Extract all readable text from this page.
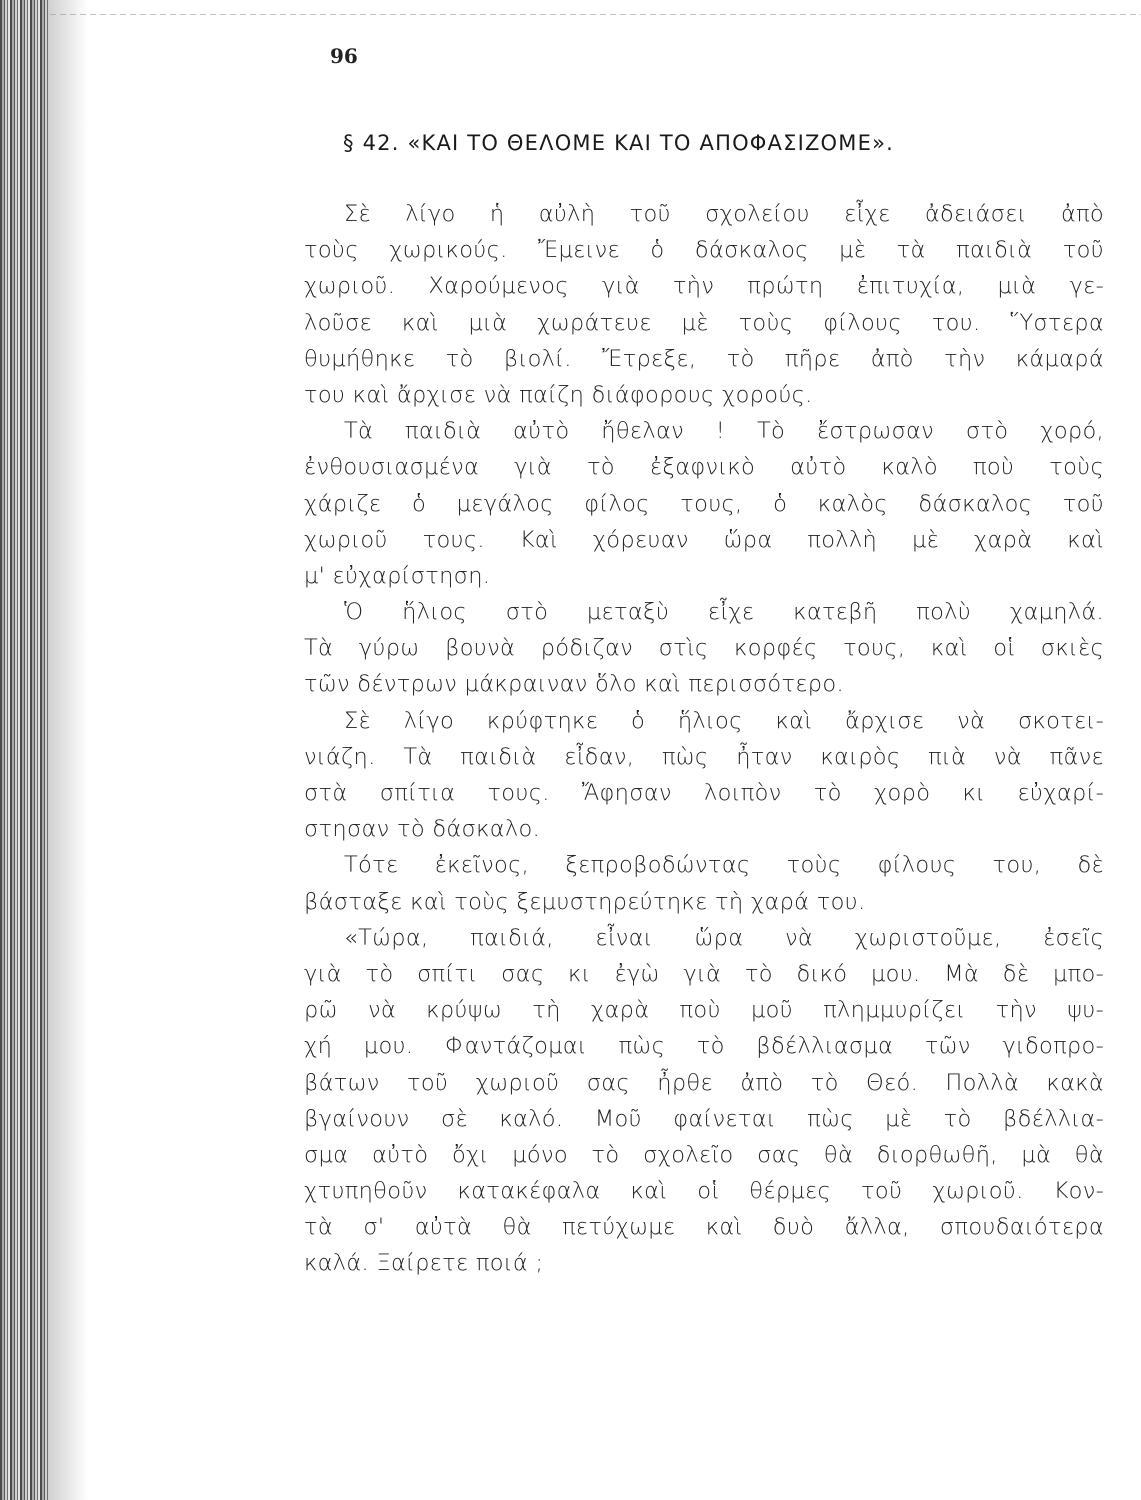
96
§ 42. «ΚΑΙ ΤΟ ΘΕΛΟΜΕ ΚΑΙ ΤΟ ΑΠΟΦΑΣΙΖΟΜΕ».
Σὲ λίγο ἡ αὐλὴ τοῦ σχολείου εἶχε ἀδειάσει ἀπὸ
τοὺς χωρικούς. Ἔμεινε ὁ δάσκαλος μὲ τὰ παιδιὰ τοῦ
χωριοῦ. Χαρούμενος γιὰ τὴν πρώτη ἐπιτυχία, μιὰ γε-
λοῦσε καὶ μιὰ χωράτευε μὲ τοὺς φίλους του. Ὕστερα
θυμήθηκε τὸ βιολί. Ἔτρεξε, τὸ πῆρε ἀπὸ τὴν κάμαρά
του καὶ ἄρχισε νὰ παίζη διάφορους χορούς.
Τὰ παιδιὰ αὐτὸ ἤθελαν ! Τὸ ἔστρωσαν στὸ χορό,
ἐνθουσιασμένα γιὰ τὸ ἐξαφνικὸ αὐτὸ καλὸ ποὺ τοὺς
χάριζε ὁ μεγάλος φίλος τους, ὁ καλὸς δάσκαλος τοῦ
χωριοῦ τους. Καὶ χόρευαν ὥρα πολλὴ μὲ χαρὰ καὶ
μ' εὐχαρίστηση.
Ὁ ἥλιος στὸ μεταξὺ εἶχε κατεβῆ πολὺ χαμηλά.
Τὰ γύρω βουνὰ ρόδιζαν στὶς κορφές τους, καὶ οἱ σκιὲς
τῶν δέντρων μάκραιναν ὅλο καὶ περισσότερο.
Σὲ λίγο κρύφτηκε ὁ ἥλιος καὶ ἄρχισε νὰ σκοτει-
νιάζη. Τὰ παιδιὰ εἶδαν, πὼς ἦταν καιρὸς πιὰ νὰ πᾶνε
στὰ σπίτια τους. Ἄφησαν λοιπὸν τὸ χορὸ κι εὐχαρί-
στησαν τὸ δάσκαλο.
Τότε ἐκεῖνος, ξεπροβοδώντας τοὺς φίλους του, δὲ
βάσταξε καὶ τοὺς ξεμυστηρεύτηκε τὴ χαρά του.
«Τώρα, παιδιά, εἶναι ὥρα νὰ χωριστοῦμε, ἐσεῖς
γιὰ τὸ σπίτι σας κι ἐγὼ γιὰ τὸ δικό μου. Μὰ δὲ μπο-
ρῶ νὰ κρύψω τὴ χαρὰ ποὺ μοῦ πλημμυρίζει τὴν ψυ-
χή μου. Φαντάζομαι πὼς τὸ βδέλλιασμα τῶν γιδοπρο-
βάτων τοῦ χωριοῦ σας ἦρθε ἀπὸ τὸ Θεό. Πολλὰ κακὰ
βγαίνουν σὲ καλό. Μοῦ φαίνεται πὼς μὲ τὸ βδέλλια-
σμα αὐτὸ ὄχι μόνο τὸ σχολεῖο σας θὰ διορθωθῆ, μὰ θὰ
χτυπηθοῦν κατακέφαλα καὶ οἱ θέρμες τοῦ χωριοῦ. Κον-
τὰ σ' αὐτὰ θὰ πετύχωμε καὶ δυὸ ἄλλα, σπουδαιότερα
καλά. Ξαίρετε ποιά ;
